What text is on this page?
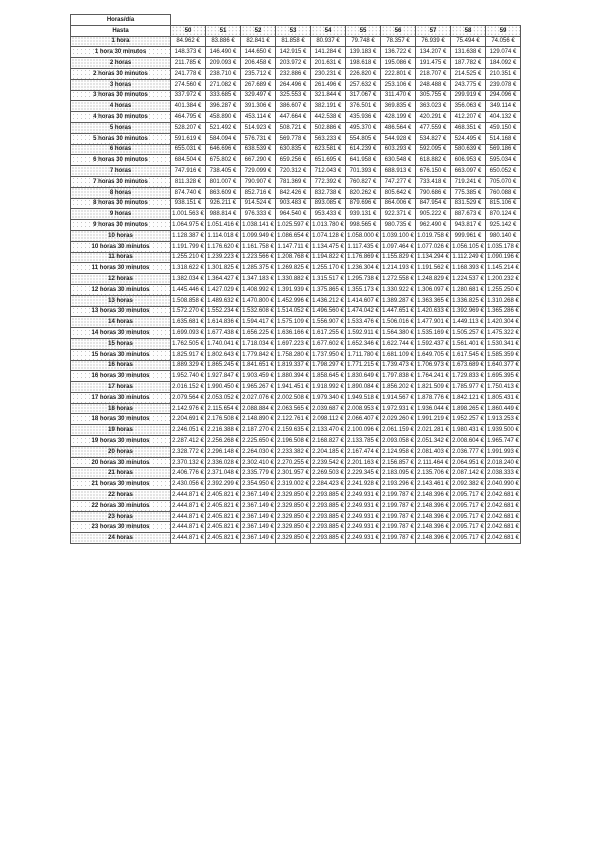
Horas/día										
Hasta	50	51	52	53	54	55	56	57	58	59
1 hora	84.962 €	83.886 €	82.841 €	81.858 €	80.937 €	79.748 €	78.357 €	76.939 €	75.494 €	74.056 €
1 hora 30 minutos	148.373 €	146.490 €	144.650 €	142.915 €	141.284 €	139.183 €	136.722 €	134.207 €	131.638 €	129.074 €
2 horas	211.785 €	209.093 €	206.458 €	203.972 €	201.631 €	198.618 €	195.086 €	191.475 €	187.782 €	184.092 €
2 horas 30 minutos	241.778 €	238.710 €	235.712 €	232.886 €	230.231 €	226.820 €	222.801 €	218.707 €	214.525 €	210.351 €
3 horas	274.560 €	271.082 €	267.689 €	264.496 €	261.496 €	257.632 €	253.106 €	248.488 €	243.775 €	239.078 €
3 horas 30 minutos	337.972 €	333.685 €	329.497 €	325.553 €	321.844 €	317.067 €	311.470 €	305.755 €	299.919 €	294.096 €
4 horas	401.384 €	396.287 €	391.306 €	386.607 €	382.191 €	376.501 €	369.835 €	363.023 €	356.063 €	349.114 €
4 horas 30 minutos	464.795 €	458.890 €	453.114 €	447.664 €	442.538 €	435.936 €	428.199 €	420.291 €	412.207 €	404.132 €
5 horas	528.207 €	521.492 €	514.923 €	508.721 €	502.886 €	495.370 €	486.564 €	477.559 €	468.351 €	459.150 €
5 horas 30 minutos	591.619 €	584.094 €	576.731 €	569.778 €	563.233 €	554.805 €	544.928 €	534.827 €	524.495 €	514.168 €
6 horas	655.031 €	646.696 €	638.539 €	630.835 €	623.581 €	614.239 €	603.293 €	592.095 €	580.639 €	569.186 €
6 horas 30 minutos	684.504 €	675.802 €	667.290 €	659.256 €	651.695 €	641.958 €	630.548 €	618.882 €	606.953 €	595.034 €
7 horas	747.916 €	738.405 €	729.099 €	720.312 €	712.043 €	701.393 €	688.913 €	676.150 €	663.097 €	650.052 €
7 horas 30 minutos	811.328 €	801.007 €	790.907 €	781.369 €	772.392 €	760.827 €	747.277 €	733.418 €	719.241 €	705.070 €
8 horas	874.740 €	863.609 €	852.716 €	842.426 €	832.738 €	820.262 €	805.642 €	790.686 €	775.385 €	760.088 €
8 horas 30 minutos	938.151 €	926.211 €	914.524 €	903.483 €	893.085 €	879.696 €	864.006 €	847.954 €	831.529 €	815.106 €
9 horas	1.001.563 €	988.814 €	976.333 €	964.540 €	953.433 €	939.131 €	922.371 €	905.222 €	887.673 €	870.124 €
9 horas 30 minutos	1.064.975 €	1.051.416 €	1.038.141 €	1.025.597 €	1.013.780 €	998.565 €	980.735 €	962.490 €	943.817 €	925.142 €
10 horas	1.128.387 €	1.114.018 €	1.099.949 €	1.086.654 €	1.074.128 €	1.058.000 €	1.039.100 €	1.019.758 €	999.961 €	980.140 €
10 horas 30 minutos	1.191.799 €	1.176.620 €	1.161.758 €	1.147.711 €	1.134.475 €	1.117.435 €	1.097.464 €	1.077.026 €	1.056.105 €	1.035.178 €
11 horas	1.255.210 €	1.239.223 €	1.223.566 €	1.208.768 €	1.194.822 €	1.176.869 €	1.155.829 €	1.134.294 €	1.112.249 €	1.090.196 €
11 horas 30 minutos	1.318.622 €	1.301.825 €	1.285.375 €	1.269.825 €	1.255.170 €	1.236.304 €	1.214.193 €	1.191.562 €	1.168.393 €	1.145.214 €
12 horas	1.382.034 €	1.364.427 €	1.347.183 €	1.330.882 €	1.315.517 €	1.295.738 €	1.272.558 €	1.248.829 €	1.224.537 €	1.200.232 €
12 horas 30 minutos	1.445.446 €	1.427.029 €	1.408.992 €	1.391.939 €	1.375.865 €	1.355.173 €	1.330.922 €	1.306.097 €	1.280.681 €	1.255.250 €
13 horas	1.508.858 €	1.489.632 €	1.470.800 €	1.452.996 €	1.436.212 €	1.414.607 €	1.389.287 €	1.363.365 €	1.336.825 €	1.310.268 €
13 horas 30 minutos	1.572.270 €	1.552.234 €	1.532.608 €	1.514.052 €	1.496.560 €	1.474.042 €	1.447.651 €	1.420.633 €	1.392.969 €	1.365.286 €
14 horas	1.635.681 €	1.614.836 €	1.594.417 €	1.575.109 €	1.556.907 €	1.533.476 €	1.506.016 €	1.477.901 €	1.449.113 €	1.420.304 €
14 horas 30 minutos	1.699.093 €	1.677.438 €	1.656.225 €	1.636.166 €	1.617.255 €	1.592.911 €	1.564.380 €	1.535.169 €	1.505.257 €	1.475.322 €
15 horas	1.762.505 €	1.740.041 €	1.718.034 €	1.697.223 €	1.677.602 €	1.652.346 €	1.622.744 €	1.592.437 €	1.561.401 €	1.530.341 €
15 horas 30 minutos	1.825.917 €	1.802.643 €	1.779.842 €	1.758.280 €	1.737.950 €	1.711.780 €	1.681.109 €	1.649.705 €	1.617.545 €	1.585.359 €
16 horas	1.889.329 €	1.865.245 €	1.841.651 €	1.819.337 €	1.798.297 €	1.771.215 €	1.739.473 €	1.706.973 €	1.673.689 €	1.640.377 €
16 horas 30 minutos	1.952.740 €	1.927.847 €	1.903.459 €	1.880.394 €	1.858.645 €	1.830.649 €	1.797.838 €	1.764.241 €	1.729.833 €	1.695.395 €
17 horas	2.016.152 €	1.990.450 €	1.965.267 €	1.941.451 €	1.918.992 €	1.890.084 €	1.856.202 €	1.821.509 €	1.785.977 €	1.750.413 €
17 horas 30 minutos	2.079.564 €	2.053.052 €	2.027.076 €	2.002.508 €	1.979.340 €	1.949.518 €	1.914.567 €	1.878.776 €	1.842.121 €	1.805.431 €
18 horas	2.142.976 €	2.115.654 €	2.088.884 €	2.063.565 €	2.039.687 €	2.008.953 €	1.972.931 €	1.936.044 €	1.898.265 €	1.860.449 €
18 horas 30 minutos	2.204.691 €	2.176.508 €	2.148.890 €	2.122.761 €	2.098.112 €	2.066.407 €	2.029.260 €	1.991.219 €	1.952.257 €	1.913.253 €
19 horas	2.246.051 €	2.216.388 €	2.187.270 €	2.159.635 €	2.133.470 €	2.100.096 €	2.061.159 €	2.021.281 €	1.980.431 €	1.939.500 €
19 horas 30 minutos	2.287.412 €	2.256.268 €	2.225.650 €	2.196.508 €	2.168.827 €	2.133.785 €	2.093.058 €	2.051.342 €	2.008.604 €	1.965.747 €
20 horas	2.328.772 €	2.296.148 €	2.264.030 €	2.233.382 €	2.204.185 €	2.167.474 €	2.124.958 €	2.081.403 €	2.036.777 €	1.991.993 €
20 horas 30 minutos	2.370.132 €	2.336.028 €	2.302.410 €	2.270.255 €	2.239.542 €	2.201.163 €	2.156.857 €	2.111.464 €	2.064.951 €	2.018.240 €
21 horas	2.406.776 €	2.371.048 €	2.335.779 €	2.301.957 €	2.269.503 €	2.229.345 €	2.183.095 €	2.135.706 €	2.087.142 €	2.038.333 €
21 horas 30 minutos	2.430.056 €	2.392.299 €	2.354.950 €	2.319.002 €	2.284.423 €	2.241.928 €	2.193.296 €	2.143.461 €	2.092.382 €	2.040.990 €
22 horas	2.444.871 €	2.405.821 €	2.367.149 €	2.329.850 €	2.293.885 €	2.249.931 €	2.199.787 €	2.148.396 €	2.095.717 €	2.042.681 €
22 horas 30 minutos	2.444.871 €	2.405.821 €	2.367.149 €	2.329.850 €	2.293.885 €	2.249.931 €	2.199.787 €	2.148.396 €	2.095.717 €	2.042.681 €
23 horas	2.444.871 €	2.405.821 €	2.367.149 €	2.329.850 €	2.293.885 €	2.249.931 €	2.199.787 €	2.148.396 €	2.095.717 €	2.042.681 €
23 horas 30 minutos	2.444.871 €	2.405.821 €	2.367.149 €	2.329.850 €	2.293.885 €	2.249.931 €	2.199.787 €	2.148.396 €	2.095.717 €	2.042.681 €
24 horas	2.444.871 €	2.405.821 €	2.367.149 €	2.329.850 €	2.293.885 €	2.249.931 €	2.199.787 €	2.148.396 €	2.095.717 €	2.042.681 €
